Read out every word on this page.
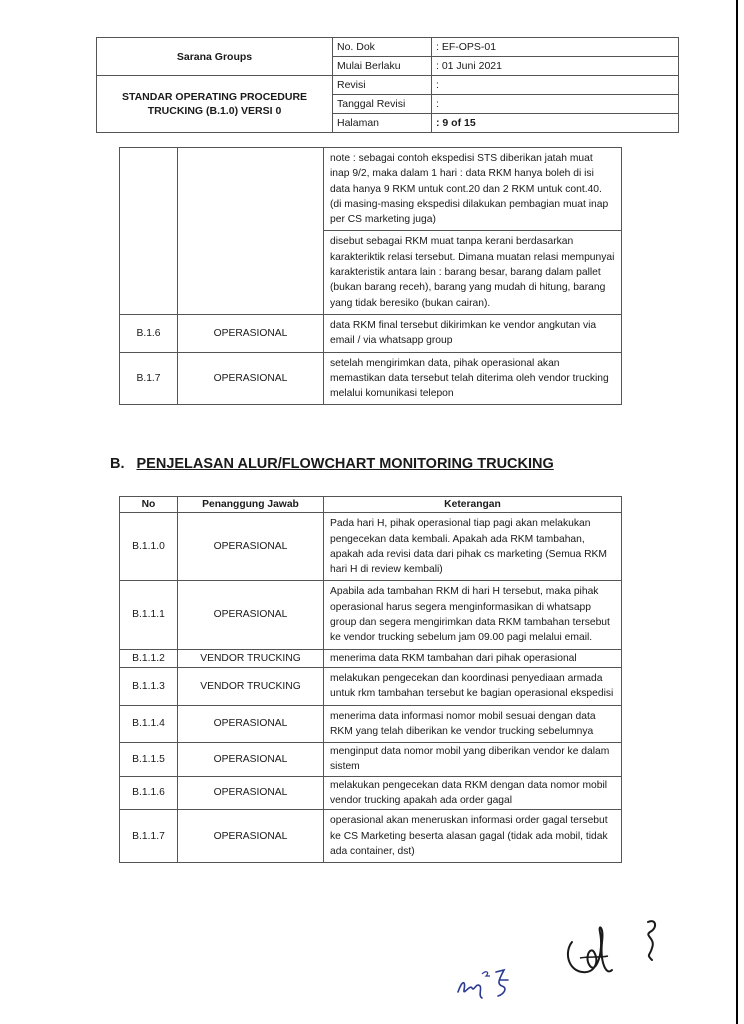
Sarana Groups	No. Dok	: EF-OPS-01
	Mulai Berlaku	: 01 Juni 2021

STANDAR OPERATING PROCEDURE
TRUCKING (B.1.0) VERSI 0	Revisi	:
	Tanggal Revisi	:
	Halaman	: 9 of 15
		note : sebagai contoh ekspedisi STS diberikan jatah muat inap 9/2, maka dalam 1 hari : data RKM hanya boleh di isi data hanya 9 RKM untuk cont.20 dan 2 RKM untuk cont.40. (di masing-masing ekspedisi dilakukan pembagian muat inap per CS marketing juga)
		disebut sebagai RKM muat tanpa kerani berdasarkan karakteriktik relasi tersebut. Dimana muatan relasi mempunyai karakteristik antara lain : barang besar, barang dalam pallet (bukan barang receh), barang yang mudah di hitung, barang yang tidak beresiko (bukan cairan).
B.1.6	OPERASIONAL	data RKM final tersebut dikirimkan ke vendor angkutan via email / via whatsapp group
B.1.7	OPERASIONAL	setelah mengirimkan data, pihak operasional akan memastikan data tersebut telah diterima oleh vendor trucking melalui komunikasi telepon
B. PENJELASAN ALUR/FLOWCHART MONITORING TRUCKING
No	Penanggung Jawab	Keterangan
B.1.1.0	OPERASIONAL	Pada hari H, pihak operasional tiap pagi akan melakukan pengecekan data kembali. Apakah ada RKM tambahan, apakah ada revisi data dari pihak cs marketing (Semua RKM hari H di review kembali)
B.1.1.1	OPERASIONAL	Apabila ada tambahan RKM di hari H tersebut, maka pihak operasional harus segera menginformasikan di whatsapp group dan segera mengirimkan data RKM tambahan tersebut ke vendor trucking sebelum jam 09.00 pagi melalui email.
B.1.1.2	VENDOR TRUCKING	menerima data RKM tambahan dari pihak operasional
B.1.1.3	VENDOR TRUCKING	melakukan pengecekan dan koordinasi penyediaan armada untuk rkm tambahan tersebut ke bagian operasional ekspedisi
B.1.1.4	OPERASIONAL	menerima data informasi nomor mobil sesuai dengan data RKM yang telah diberikan ke vendor trucking sebelumnya
B.1.1.5	OPERASIONAL	menginput data nomor mobil yang diberikan vendor ke dalam sistem
B.1.1.6	OPERASIONAL	melakukan pengecekan data RKM dengan data nomor mobil vendor trucking apakah ada order gagal
B.1.1.7	OPERASIONAL	operasional akan meneruskan informasi order gagal tersebut ke CS Marketing beserta alasan gagal (tidak ada mobil, tidak ada container, dst)
